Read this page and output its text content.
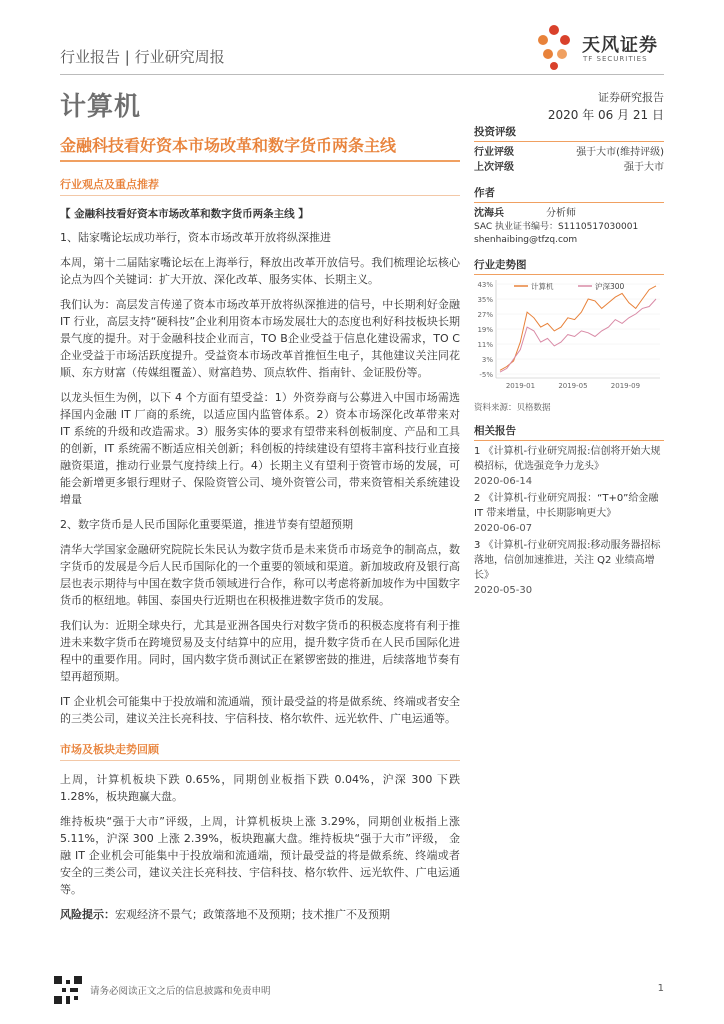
行业报告 | 行业研究周报
计算机
天风证券
TF SECURITIES
证券研究报告
2020 年 06 月 21 日
金融科技看好资本市场改革和数字货币两条主线
行业观点及重点推荐
【 金融科技看好资本市场改革和数字货币两条主线 】

1、陆家嘴论坛成功举行，资本市场改革开放将纵深推进

本周，第十二届陆家嘴论坛在上海举行，释放出改革开放信号。我们梳理论坛核心论点为四个关键词：扩大开放、深化改革、服务实体、长期主义。

我们认为：高层发言传递了资本市场改革开放将纵深推进的信号，中长期利好金融 IT 行业，高层支持“硬科技”企业利用资本市场发展壮大的态度也利好科技板块长期景气度的提升。对于金融科技企业而言，TO B企业受益于信息化建设需求，TO C企业受益于市场活跃度提升。受益资本市场改革首推恒生电子，其他建议关注同花顺、东方财富（传媒组覆盖）、财富趋势、顶点软件、指南针、金证股份等。

以龙头恒生为例，以下 4 个方面有望受益：1）外资券商与公募进入中国市场需选择国内金融 IT 厂商的系统，以适应国内监管体系。2）资本市场深化改革带来对 IT 系统的升级和改造需求。3）服务实体的要求有望带来科创板制度、产品和工具的创新，IT 系统需不断适应相关创新；科创板的持续建设有望将丰富科技行业直接融资渠道，推动行业景气度持续上行。4）长期主义有望利于资管市场的发展，可能会新增更多银行理财子、保险资管公司、境外资管公司，带来资管相关系统建设增量

2、数字货币是人民币国际化重要渠道，推进节奏有望超预期

清华大学国家金融研究院院长朱民认为数字货币是未来货币市场竞争的制高点，数字货币的发展是今后人民币国际化的一个重要的领域和渠道。新加坡政府及银行高层也表示期待与中国在数字货币领域进行合作，称可以考虑将新加坡作为中国数字货币的枢纽地。韩国、泰国央行近期也在积极推进数字货币的发展。

我们认为：近期全球央行，尤其是亚洲各国央行对数字货币的积极态度将有利于推进未来数字货币在跨境贸易及支付结算中的应用，提升数字货币在人民币国际化进程中的重要作用。同时，国内数字货币测试正在紧锣密鼓的推进，后续落地节奏有望再超预期。

IT 企业机会可能集中于投放端和流通端，预计最受益的将是做系统、终端或者安全的三类公司，建议关注长亮科技、宇信科技、格尔软件、远光软件、广电运通等。

市场及板块走势回顾

上周，计算机板块下跌 0.65%，同期创业板指下跌 0.04%，沪深 300 下跌 1.28%，板块跑赢大盘。

维持板块“强于大市”评级，上周，计算机板块上涨 3.29%，同期创业板指上涨 5.11%，沪深 300 上涨 2.39%，板块跑赢大盘。维持板块“强于大市”评级， 金融 IT 企业机会可能集中于投放端和流通端，预计最受益的将是做系统、终端或者安全的三类公司，建议关注长亮科技、宇信科技、格尔软件、远光软件、广电运通等。

风险提示：宏观经济不景气；政策落地不及预期；技术推广不及预期

投资评级
行业评级	强于大市(维持评级)
上次评级	强于大市
作者
沈海兵	分析师
SAC 执业证书编号：S1110517030001
shenhaibing@tfzq.com
行业走势图
-5%
3%
11%
19%
27%
35%
43%
2019-01	2019-05	2019-09
计算机	沪深300
资料来源：贝格数据
相关报告
1 《计算机-行业研究周报:信创将开始大规模招标，优选强竞争力龙头》
2020-06-14
2 《计算机-行业研究周报：“T+0”给金融 IT 带来增量，中长期影响更大》
2020-06-07
3 《计算机-行业研究周报:移动服务器招标落地，信创加速推进，关注 Q2 业绩高增长》
2020-05-30
请务必阅读正文之后的信息披露和免责申明	1
